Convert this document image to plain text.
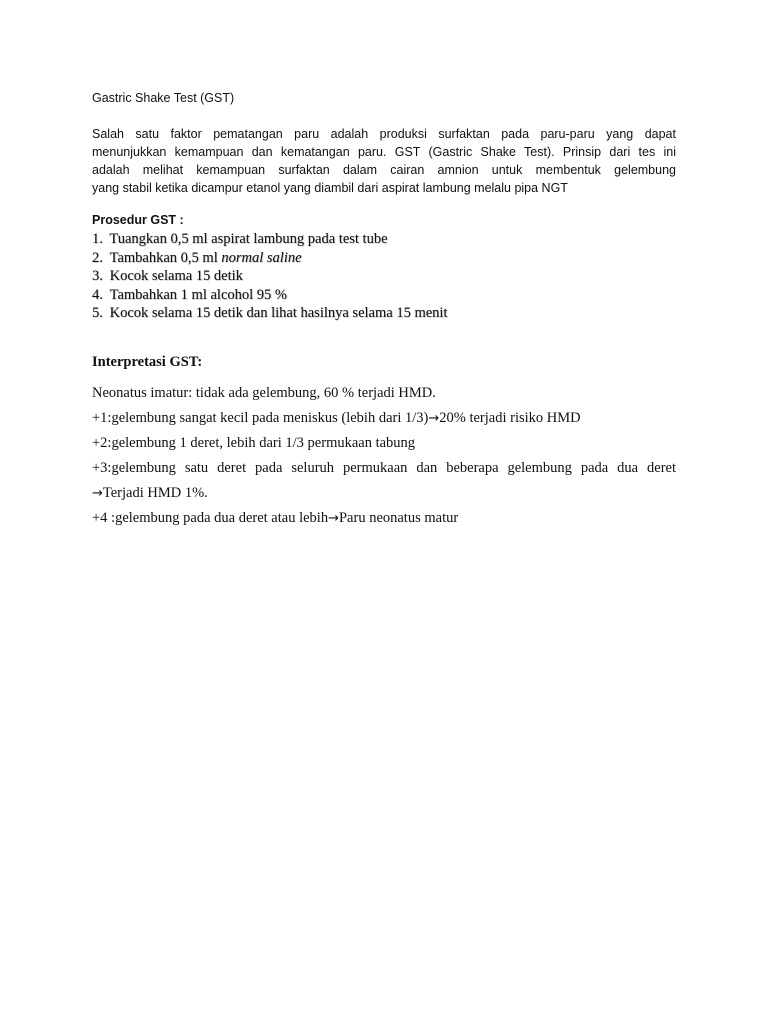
Gastric Shake Test (GST)
Salah satu faktor pematangan paru adalah produksi surfaktan pada paru-paru yang dapat
menunjukkan kemampuan dan kematangan paru. GST (Gastric Shake Test). Prinsip dari tes ini
adalah melihat kemampuan surfaktan dalam cairan amnion untuk membentuk gelembung
yang stabil ketika dicampur etanol yang diambil dari aspirat lambung melalu pipa NGT
Prosedur GST :
1. Tuangkan 0,5 ml aspirat lambung pada test tube
2. Tambahkan 0,5 ml normal saline
3. Kocok selama 15 detik
4. Tambahkan 1 ml alcohol 95 %
5. Kocok selama 15 detik dan lihat hasilnya selama 15 menit
Interpretasi GST:
Neonatus imatur: tidak ada gelembung, 60 % terjadi HMD.
+1:gelembung sangat kecil pada meniskus (lebih dari 1/3)→20% terjadi risiko HMD
+2:gelembung 1 deret, lebih dari 1/3 permukaan tabung
+3:gelembung satu deret pada seluruh permukaan dan beberapa gelembung pada dua deret
→Terjadi HMD 1%.
+4 :gelembung pada dua deret atau lebih→Paru neonatus matur
